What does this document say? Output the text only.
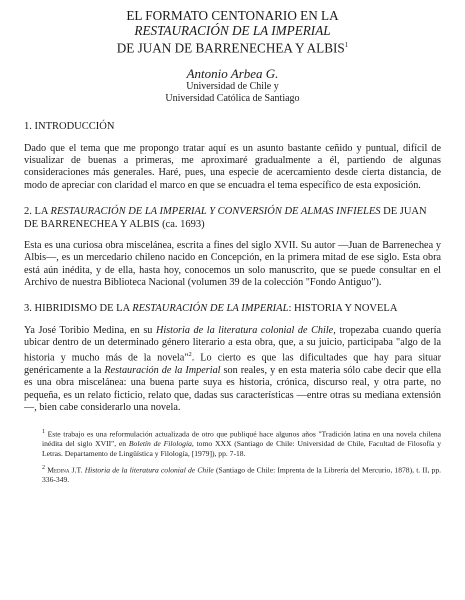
EL FORMATO CENTONARIO EN LA
RESTAURACIÓN DE LA IMPERIAL
DE JUAN DE BARRENECHEA Y ALBIS$^1$
Antonio Arbea G.
Universidad de Chile y
Universidad Católica de Santiago
1. INTRODUCCIÓN
Dado que el tema que me propongo tratar aquí es un asunto bastante ceñido y puntual, difícil de visualizar de buenas a primeras, me aproximaré gradualmente a él, partiendo de algunas consideraciones más generales. Haré, pues, una especie de acercamiento desde cierta distancia, de modo de apreciar con claridad el marco en que se encuadra el tema específico de esta exposición.
2. LA RESTAURACIÓN DE LA IMPERIAL Y CONVERSIÓN DE ALMAS INFIELES DE JUAN DE BARRENECHEA Y ALBIS (ca. 1693)
Esta es una curiosa obra miscelánea, escrita a fines del siglo XVII. Su autor —Juan de Barrenechea y Albis—, es un mercedario chileno nacido en Concepción, en la primera mitad de ese siglo. Esta obra está aún inédita, y de ella, hasta hoy, conocemos un solo manuscrito, que se puede consultar en el Archivo de nuestra Biblioteca Nacional (volumen 39 de la colección "Fondo Antiguo").
3. HIBRIDISMO DE LA RESTAURACIÓN DE LA IMPERIAL: HISTORIA Y NOVELA
Ya José Toribio Medina, en su Historia de la literatura colonial de Chile, tropezaba cuando quería ubicar dentro de un determinado género literario a esta obra, que, a su juicio, participaba "algo de la historia y mucho más de la novela"$^2$. Lo cierto es que las dificultades que hay para situar genéricamente a la Restauración de la Imperial son reales, y en esta materia sólo cabe decir que ella es una obra miscelánea: una buena parte suya es historia, crónica, discurso real, y otra parte, no pequeña, es un relato ficticio, relato que, dadas sus características —entre otras su mediana extensión—, bien cabe considerarlo una novela.
$^1$ Este trabajo es una reformulación actualizada de otro que publiqué hace algunos años "Tradición latina en una novela chilena inédita del siglo XVII", en Boletín de Filología, tomo XXX (Santiago de Chile: Universidad de Chile, Facultad de Filosofía y Letras. Departamento de Lingüística y Filología, [1979]), pp. 7-18.
$^2$ Medina J.T. Historia de la literatura colonial de Chile (Santiago de Chile: Imprenta de la Librería del Mercurio, 1878), t. II, pp. 336-349.
